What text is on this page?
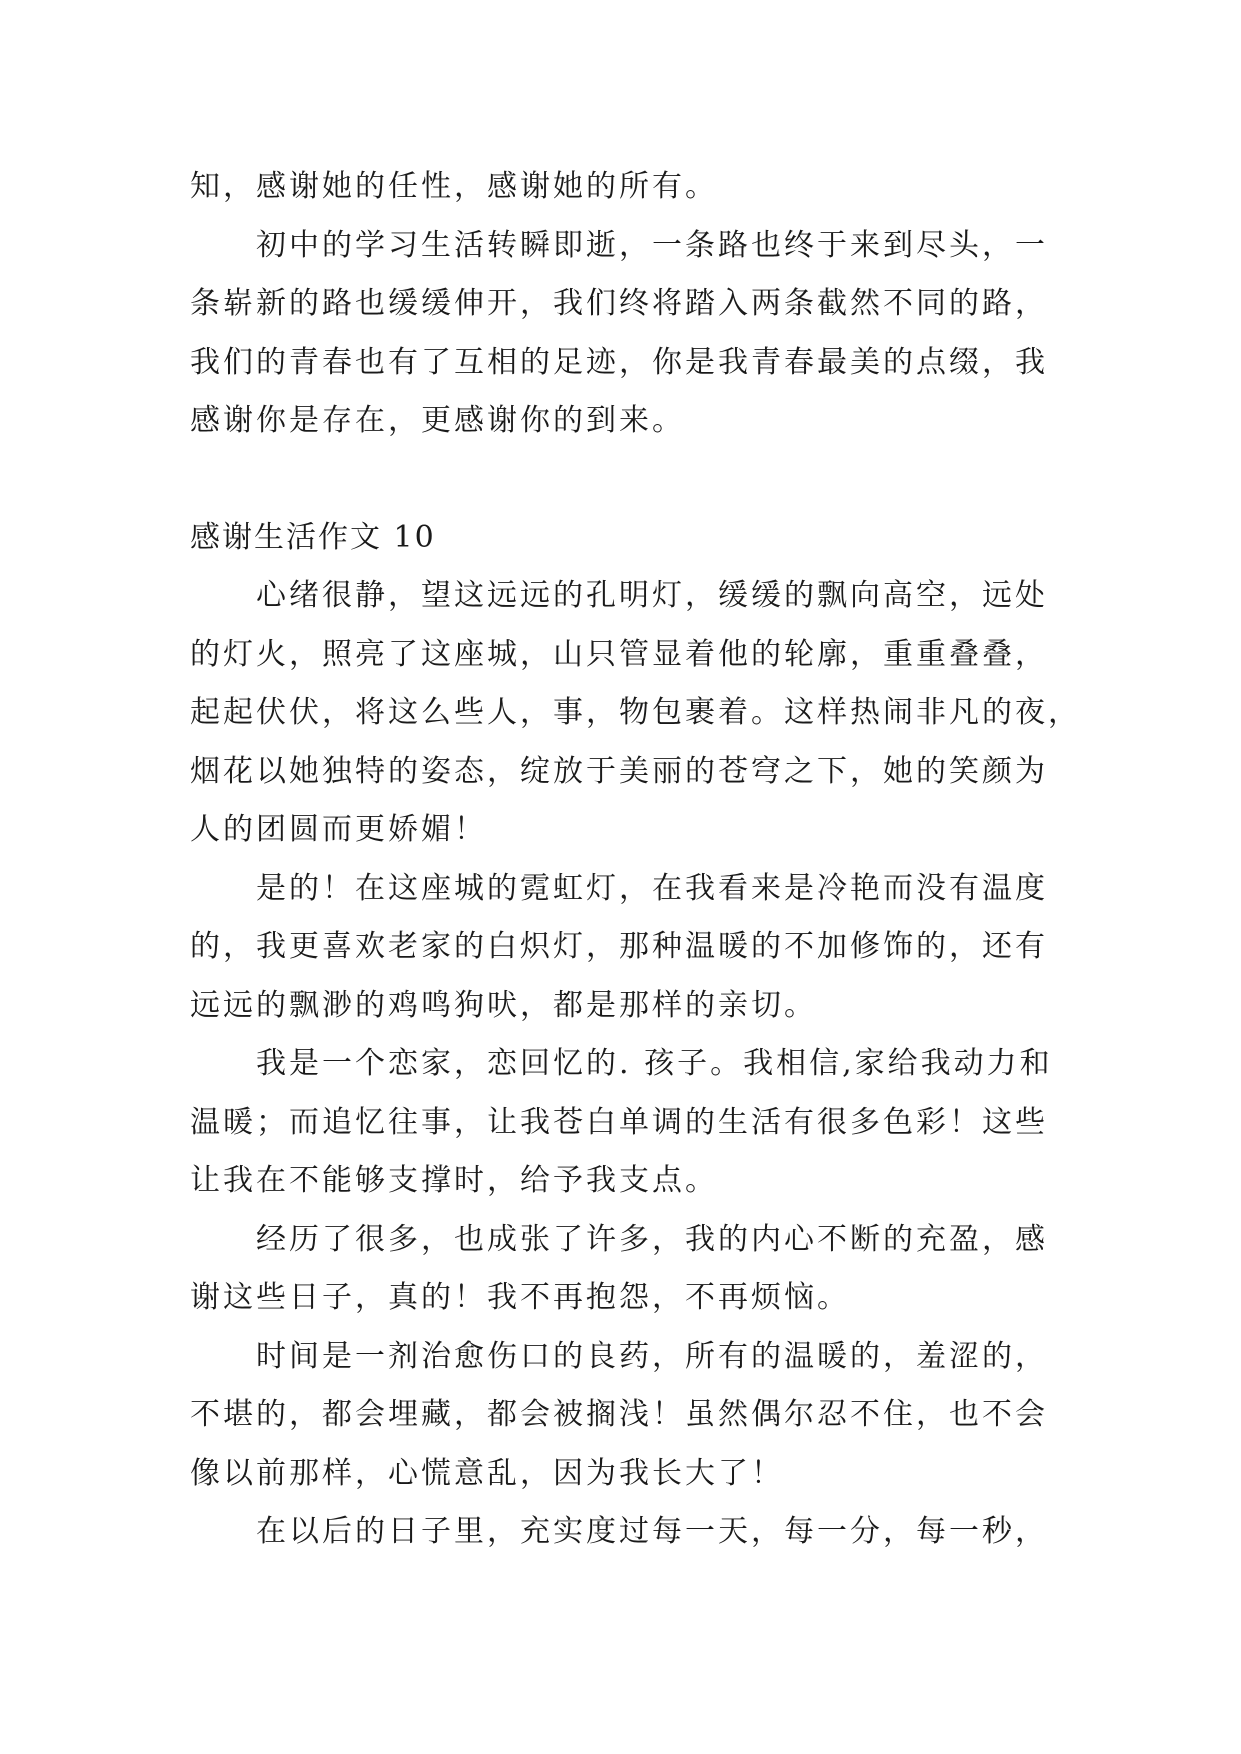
知，感谢她的任性，感谢她的所有。

　　初中的学习生活转瞬即逝，一条路也终于来到尽头，一

条崭新的路也缓缓伸开，我们终将踏入两条截然不同的路，

我们的青春也有了互相的足迹，你是我青春最美的点缀，我

感谢你是存在，更感谢你的到来。

感谢生活作文 10

　　心绪很静，望这远远的孔明灯，缓缓的飘向高空，远处

的灯火，照亮了这座城，山只管显着他的轮廓，重重叠叠，

起起伏伏，将这么些人，事，物包裹着。这样热闹非凡的夜，

烟花以她独特的姿态，绽放于美丽的苍穹之下，她的笑颜为

人的团圆而更娇媚！

　　是的！在这座城的霓虹灯，在我看来是冷艳而没有温度

的，我更喜欢老家的白炽灯，那种温暖的不加修饰的，还有

远远的飘渺的鸡鸣狗吠，都是那样的亲切。

　　我是一个恋家，恋回忆的. 孩子。我相信,家给我动力和

温暖；而追忆往事，让我苍白单调的生活有很多色彩！这些

让我在不能够支撑时，给予我支点。

　　经历了很多，也成张了许多，我的内心不断的充盈，感

谢这些日子，真的！我不再抱怨，不再烦恼。

　　时间是一剂治愈伤口的良药，所有的温暖的，羞涩的，

不堪的，都会埋藏，都会被搁浅！虽然偶尔忍不住，也不会

像以前那样，心慌意乱，因为我长大了！

　　在以后的日子里，充实度过每一天，每一分，每一秒，
